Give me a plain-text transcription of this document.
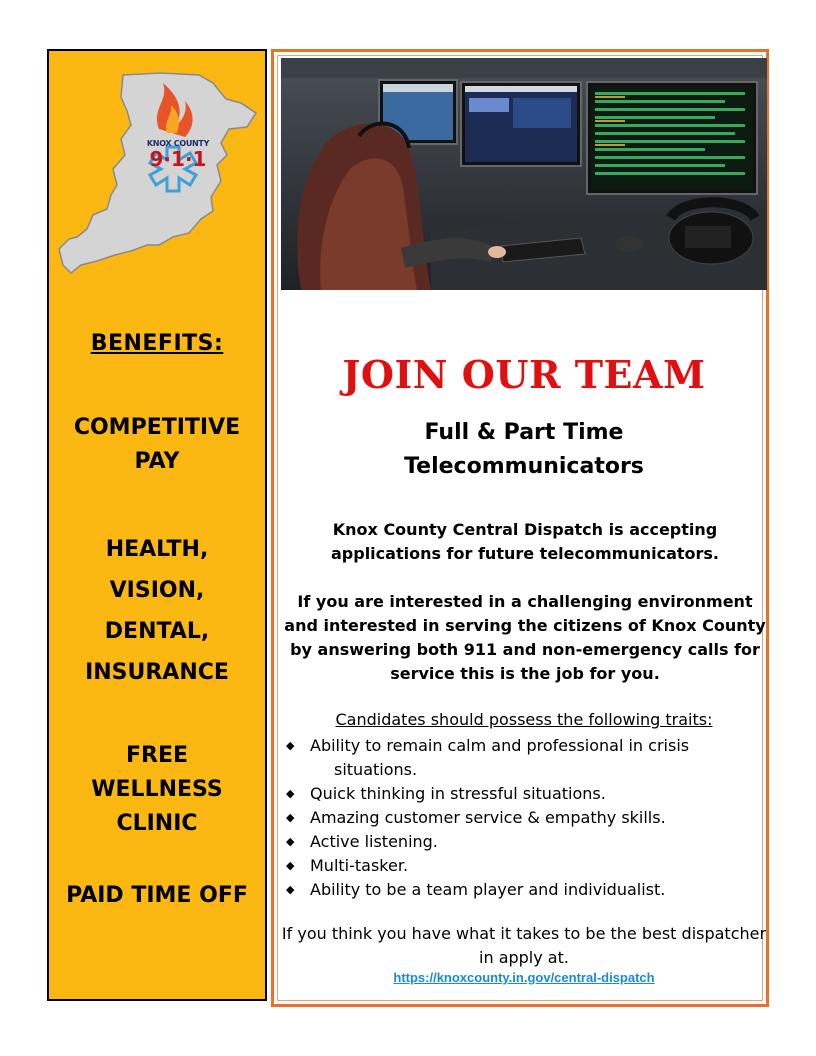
KNOX COUNTY
9·1·1
BENEFITS:
COMPETITIVE
PAY
HEALTH,
VISION,
DENTAL,
INSURANCE
FREE
WELLNESS
CLINIC
PAID TIME OFF
JOIN OUR TEAM
Full & Part Time
Telecommunicators
Knox County Central Dispatch is accepting applications for future telecommunicators.
If you are interested in a challenging environment and interested in serving the citizens of Knox County by answering both 911 and non-emergency calls for service this is the job for you.
Candidates should possess the following traits:
◆ Ability to remain calm and professional in crisis
situations.
◆ Quick thinking in stressful situations.
◆ Amazing customer service & empathy skills.
◆ Active listening.
◆ Multi-tasker.
◆ Ability to be a team player and individualist.
If you think you have what it takes to be the best dispatcher in apply at.
https://knoxcounty.in.gov/central-dispatch
